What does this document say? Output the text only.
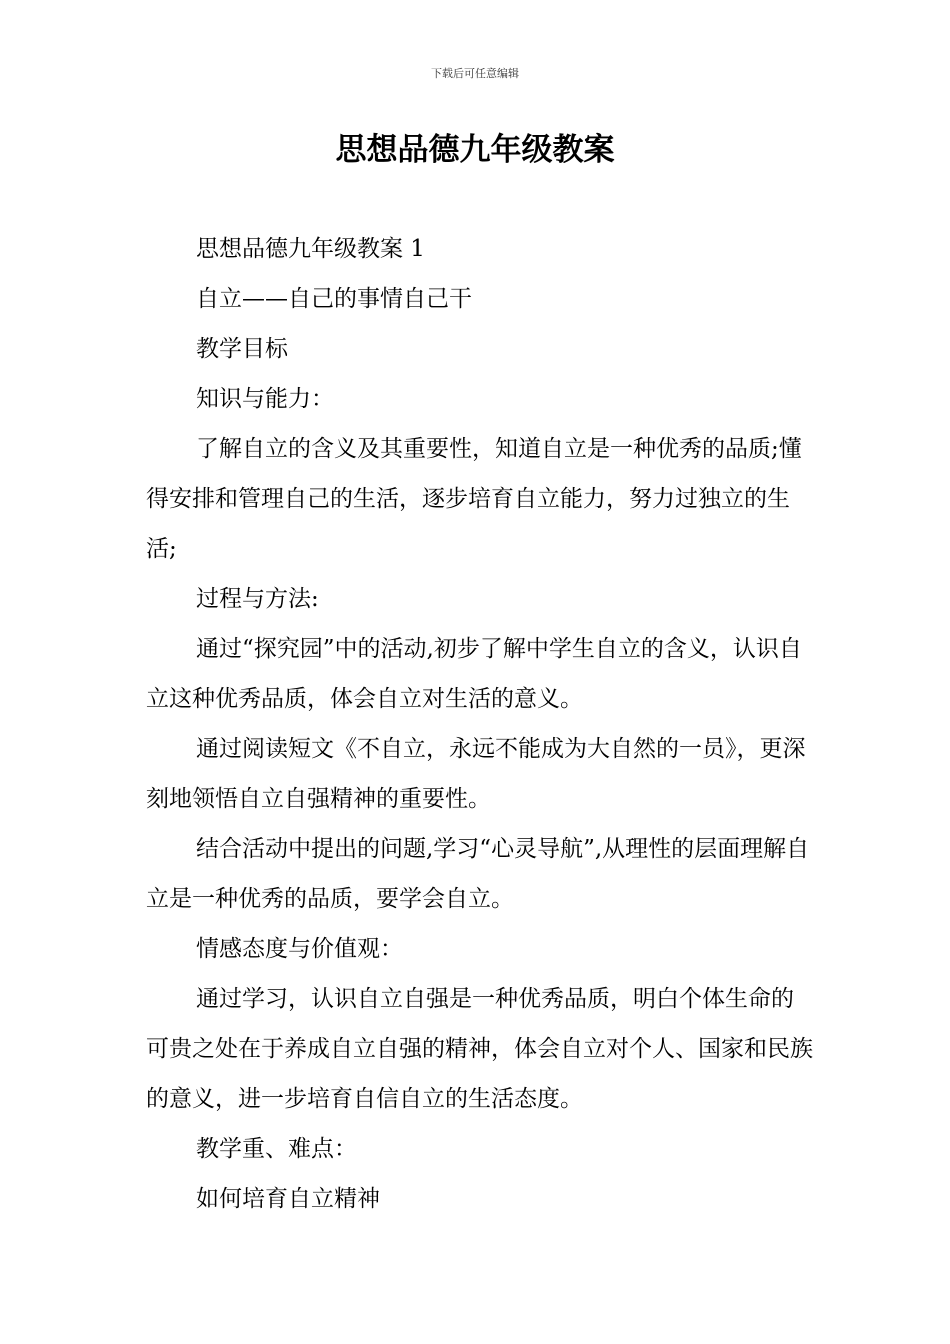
下载后可任意编辑
思想品德九年级教案

思想品德九年级教案 1

自立——自己的事情自己干

教学目标

知识与能力：

了解自立的含义及其重要性，知道自立是一种优秀的品质;懂得安排和管理自己的生活，逐步培育自立能力，努力过独立的生活;

过程与方法:

通过“探究园”中的活动,初步了解中学生自立的含义，认识自立这种优秀品质，体会自立对生活的意义。

通过阅读短文《不自立，永远不能成为大自然的一员》，更深刻地领悟自立自强精神的重要性。

结合活动中提出的问题,学习“心灵导航”,从理性的层面理解自立是一种优秀的品质，要学会自立。

情感态度与价值观：

通过学习，认识自立自强是一种优秀品质，明白个体生命的可贵之处在于养成自立自强的精神，体会自立对个人、国家和民族的意义，进一步培育自信自立的生活态度。

教学重、难点：

如何培育自立精神
